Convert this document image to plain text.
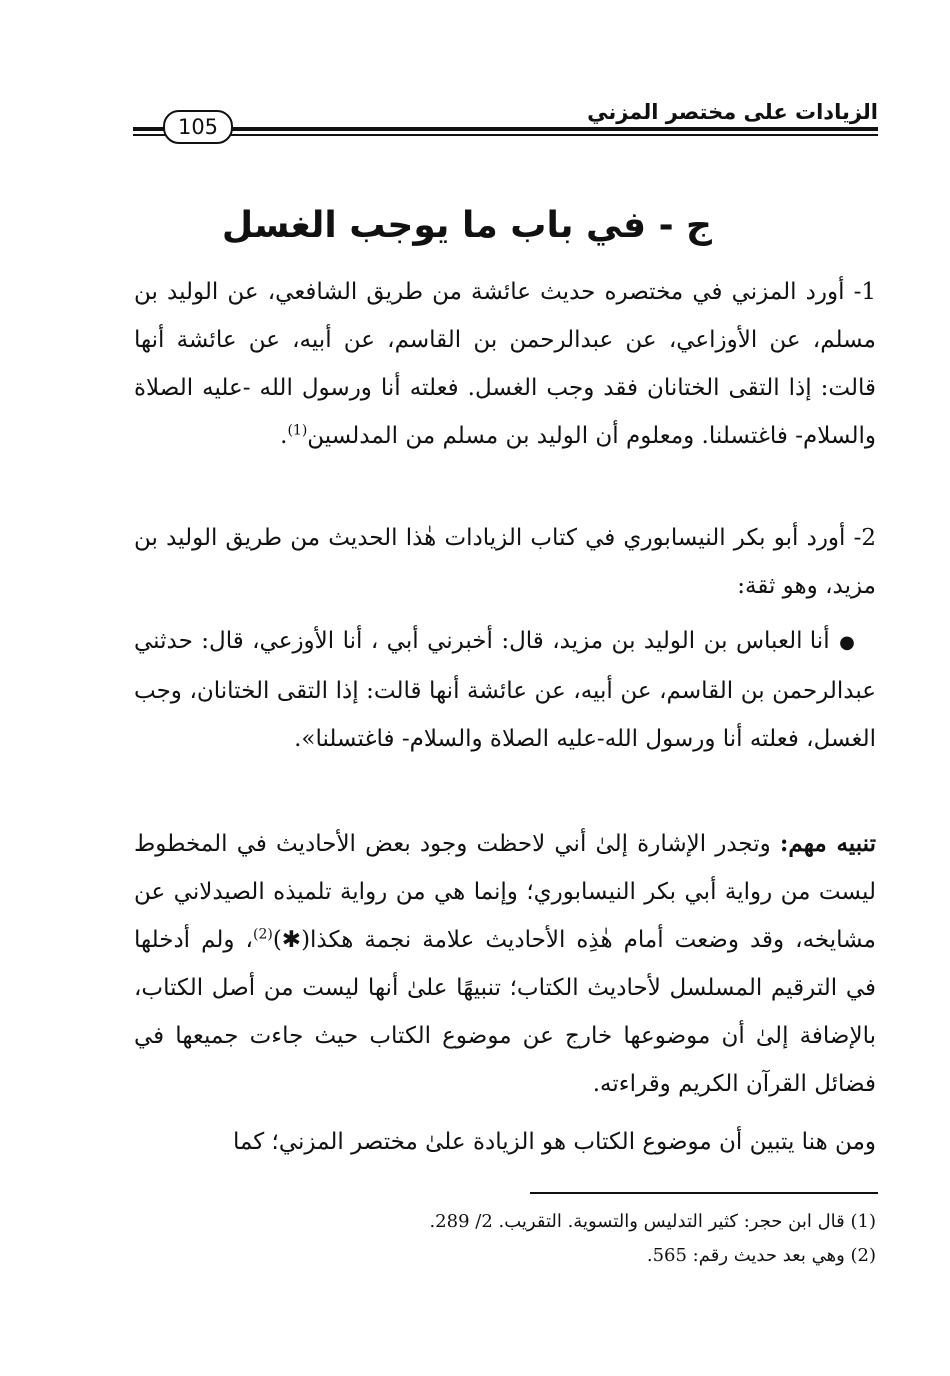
الزيادات على مختصر المزني
105
ج - في باب ما يوجب الغسل

1- أورد المزني في مختصره حديث عائشة من طريق الشافعي، عن الوليد بن مسلم، عن الأوزاعي، عن عبدالرحمن بن القاسم، عن أبيه، عن عائشة أنها قالت: إذا التقى الختانان فقد وجب الغسل. فعلته أنا ورسول الله -عليه الصلاة والسلام- فاغتسلنا. ومعلوم أن الوليد بن مسلم من المدلسين$^{(1)}$.

2- أورد أبو بكر النيسابوري في كتاب الزيادات هٰذا الحديث من طريق الوليد بن مزيد، وهو ثقة:

● أنا العباس بن الوليد بن مزيد، قال: أخبرني أبي ، أنا الأوزعي، قال: حدثني عبدالرحمن بن القاسم، عن أبيه، عن عائشة أنها قالت: إذا التقى الختانان، وجب الغسل، فعلته أنا ورسول الله-عليه الصلاة والسلام- فاغتسلنا».

تنبيه مهم: وتجدر الإشارة إلىٰ أني لاحظت وجود بعض الأحاديث في المخطوط ليست من رواية أبي بكر النيسابوري؛ وإنما هي من رواية تلميذه الصيدلاني عن مشايخه، وقد وضعت أمام هٰذِه الأحاديث علامة نجمة هكذا(✱)$^{(2)}$، ولم أدخلها في الترقيم المسلسل لأحاديث الكتاب؛ تنبيهًا علىٰ أنها ليست من أصل الكتاب، بالإضافة إلىٰ أن موضوعها خارج عن موضوع الكتاب حيث جاءت جميعها في فضائل القرآن الكريم وقراءته.

ومن هنا يتبين أن موضوع الكتاب هو الزيادة علىٰ مختصر المزني؛ كما

(1) قال ابن حجر: كثير التدليس والتسوية. التقريب. 2/ 289.
(2) وهي بعد حديث رقم: 565.
